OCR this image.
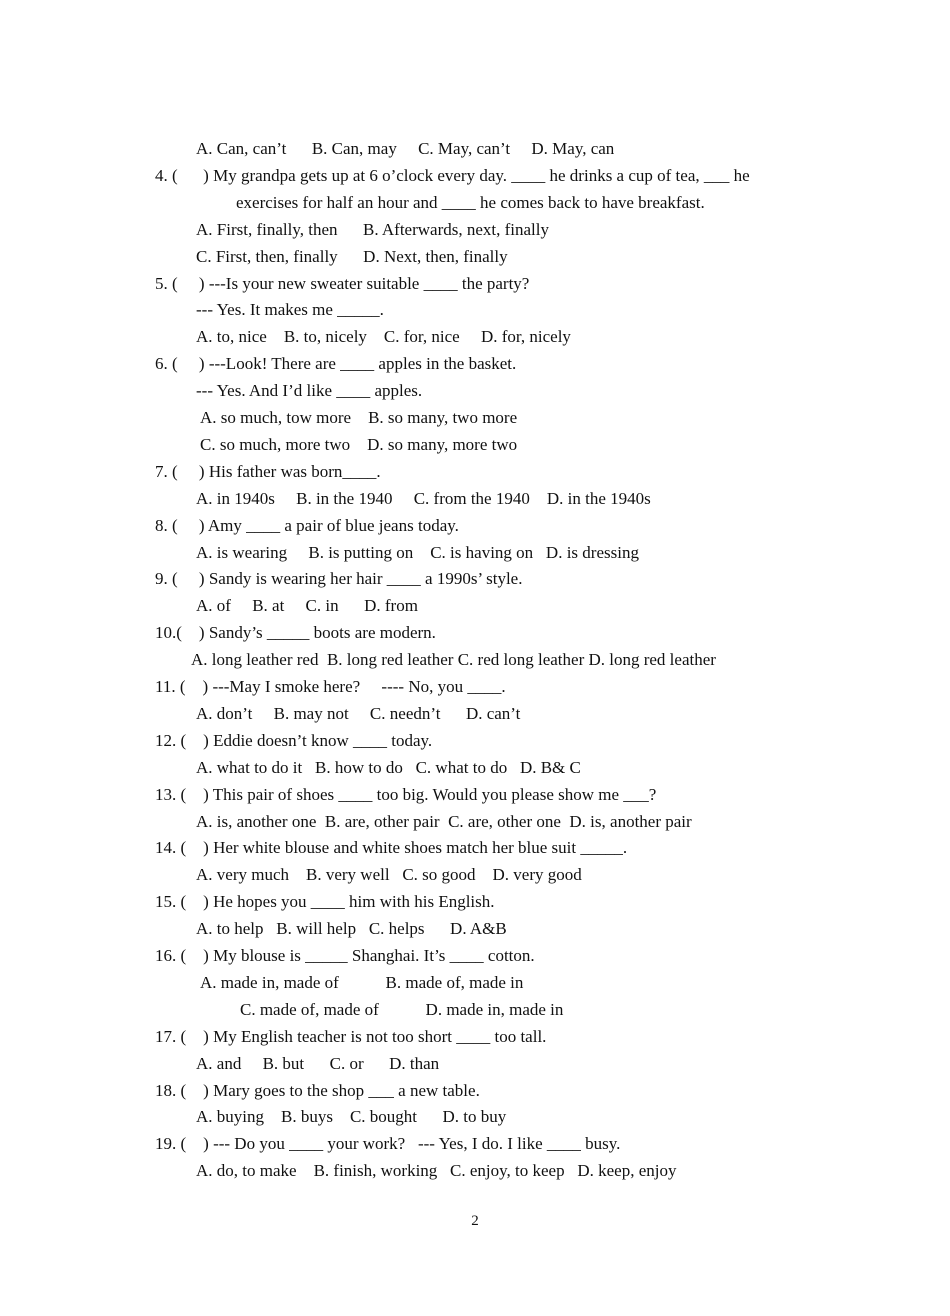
A. Can, can’t      B. Can, may     C. May, can’t     D. May, can
4. (      ) My grandpa gets up at 6 o’clock every day. ____ he drinks a cup of tea, ___ he
exercises for half an hour and ____ he comes back to have breakfast.
A. First, finally, then      B. Afterwards, next, finally
C. First, then, finally      D. Next, then, finally
5. (     ) ---Is your new sweater suitable ____ the party?
--- Yes. It makes me _____.
A. to, nice    B. to, nicely    C. for, nice     D. for, nicely
6. (     ) ---Look! There are ____ apples in the basket.
--- Yes. And I’d like ____ apples.
A. so much, tow more    B. so many, two more
C. so much, more two    D. so many, more two
7. (     ) His father was born____.
A. in 1940s     B. in the 1940     C. from the 1940    D. in the 1940s
8. (     ) Amy ____ a pair of blue jeans today.
A. is wearing     B. is putting on    C. is having on   D. is dressing
9. (     ) Sandy is wearing her hair ____ a 1990s’ style.
A. of     B. at     C. in      D. from
10.(    ) Sandy’s _____ boots are modern.
A. long leather red  B. long red leather C. red long leather D. long red leather
11. (    ) ---May I smoke here?     ---- No, you ____.
A. don’t     B. may not     C. needn’t      D. can’t
12. (    ) Eddie doesn’t know ____ today.
A. what to do it   B. how to do   C. what to do   D. B& C
13. (    ) This pair of shoes ____ too big. Would you please show me ___?
A. is, another one  B. are, other pair  C. are, other one  D. is, another pair
14. (    ) Her white blouse and white shoes match her blue suit _____.
A. very much    B. very well   C. so good    D. very good
15. (    ) He hopes you ____ him with his English.
A. to help   B. will help   C. helps      D. A&B
16. (    ) My blouse is _____ Shanghai. It’s ____ cotton.
A. made in, made of           B. made of, made in
C. made of, made of           D. made in, made in
17. (    ) My English teacher is not too short ____ too tall.
A. and     B. but      C. or      D. than
18. (    ) Mary goes to the shop ___ a new table.
A. buying    B. buys    C. bought      D. to buy
19. (    ) --- Do you ____ your work?   --- Yes, I do. I like ____ busy.
A. do, to make    B. finish, working   C. enjoy, to keep   D. keep, enjoy
2
